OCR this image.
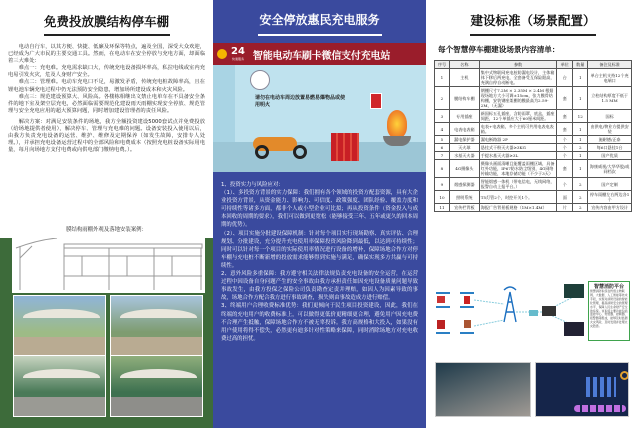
免费投放膜结构停车棚

电动自行车，以其方便、快捷、低廉及环保等特点，遍及全国，深受大众欢迎，已经成为广大市民的主要交通工具。然而，在电动车在安全停放与充电方面，却面临着三大难处：

难点一：充电难。充电需求缺口大，传统充电设备损坏率高，私拉电线或室内充电易引发火灾，危及人身财产安全。

难点二：管理难。电动车充电口不足，易激发矛盾，传统充电桩故障率高，且在锂电池车辆充电过程中仍无法预防安全隐患，增加场所建设成本和火灾风险。

难点三：规范建设预算大、风险高。各楼栋相继出文禁止电单车在不具备安全条件的地下室及架空层充电，必然面临需要规范化建设雨天雨棚实现安全停放、规范管理与安全充电应用的超大预算问题，同时增加建设管理者的责任风险。

解决方案：对满足安装条件的场地，我方全额投资建设5000套试点并免费投放（给场地提供者使用），解决停车、管理与充电难的问题。设备安装投入使用以后，由我方负责充电设备的运营、维护、维修及定期保养（如发生故障，安排专人处理。），并承担充电设备运营过程中的全部风险和电费成本（按照充电桩设备实际用电量，每月向场地方支付电费或向供电部门缴纳电费。）。

膜结构雨棚外观及落地安装案例：

安全停放惠民充电服务
24
快速服务 智能电动车刷卡微信支付充电站
请勿在电动车周边放置易燃易爆物品或使用明火

1、投资实力与风险应对：

（1）、多投资方背景的实力保障：我们拥有各个领域的投资方配套资源，具有大企业投资方背景，从资金能力、影响力、可信度、政策强度、团队经验、覆盖力度和可持续性等诸多方面，都非个人或小型企业可比拟；再从投资条件（资金投入与成本回收的周期的要求），我们可以做到更宽松（能够接受三年、五年或更久的回本周期的优势）。

（2）、项目实施分批建设保障机制：针对每个项目实行现场勘察、真实评估、合理规划、分批建设，充分提升充电使用率保障投资风险降到最低，以达到可持续性；同时可以针对每一个项目的实际使用率情况进行设备的增补，保障场地合作方对停车棚与充电桩不断新增的投放需求能够得到实施与满足，确保实现多方共赢与可持续性。

2、意外风险多重保障：我方遵守相关法律法规负责充电设备的安全运营，在运营过程中因设备自身问题产生的安全事故由我方承担责任如因充电设备质量问题导致事故发生，由我方投保之保险公司负责勘查定责并理赔，如因人为因素导致的事故，场地合作方配合我方进行事故调查，损失则由事故造成方进行赔偿。

3、终端用户合理收费标准优势：我们更倾向于民生项目投资建设，因此，我们在终端的充电用户的收费标准上，可以做得更低价更精细更合理，避免用户因充电费不合理产生抵触，保障场地合作方不被无辜投诉。我方高规格和大投入，如果没有用户使用将得不偿失，必然更有迪多针对性策略来保障，同时消除场地方对充电收费过高的担忧。

建设标准（场景配置）
每个智慧停车棚建设场景内容清单：
序号	名称	参数	单位	数量	备注及标准
1	主机	集中式物联网充电桩防漏电设计，主体箱体下移后两充电，全套备受互保险限高，充满自停自动断电。	台	1	单台主机支持12个充电端口
2	膜结构车棚	钢棚尺寸7.2M × 2.35M × 2.4M 根据现场地方大小可调±15cm，张力膜骨结构棚，安装钢座架棚的膜最高为2.59-2M，（无漏）	套	1	立柱结构厚度不低于1.5 MM
3	专用插座	新国标五孔插座，含防雨罩，底盒，插座间距，12个单插应大于60厘米间距。	套	12	国标
4	电表电表箱	电表+电表箱，多个主机可共用电表电表箱。	套	1	由供电/物业方提供安装
5	漏电保护器	漏电断路器 2P	个	1	施耐德/正泰
6	灭火球	悬挂式干粉灭火器≥3KG	个	2	每6口悬挂1台
7	水基灭火器	手提水基灭火器≥3L	个	1	国产优质
8	4G摄像头	摄像头画面清晰且能覆盖雨棚区域，具备红外功能，IP67防水防尘级别，4G网络传输功能，本地存储功能（不少于3天）	套	1	海康威视/大华华股/或同档次
9	烟感探测器	智能烟感一体机（带电信电，无线网络，报警自动上报平台。）	个	2	国产定制
10	照明系统	T5灯管2个，时控开关1个。	面	2	停车雨棚左右两边各1个
11	宣传栏背板	海报广告背景板规格（1M×1.4M）	片	2	宣传内容由甲方设计
智慧消防平台
智慧消防系统在传感主物联网、大数据、人工智能等技术手段，实现对消防设备的智能化管理，提高消防安全的管理水平，保障人民生命财产安全的系统。该系统主要功能包括监控中心、传感器、控制器、报警器等组成，能够及时监测火灾风险，及时发现并处理火灾隐患。
